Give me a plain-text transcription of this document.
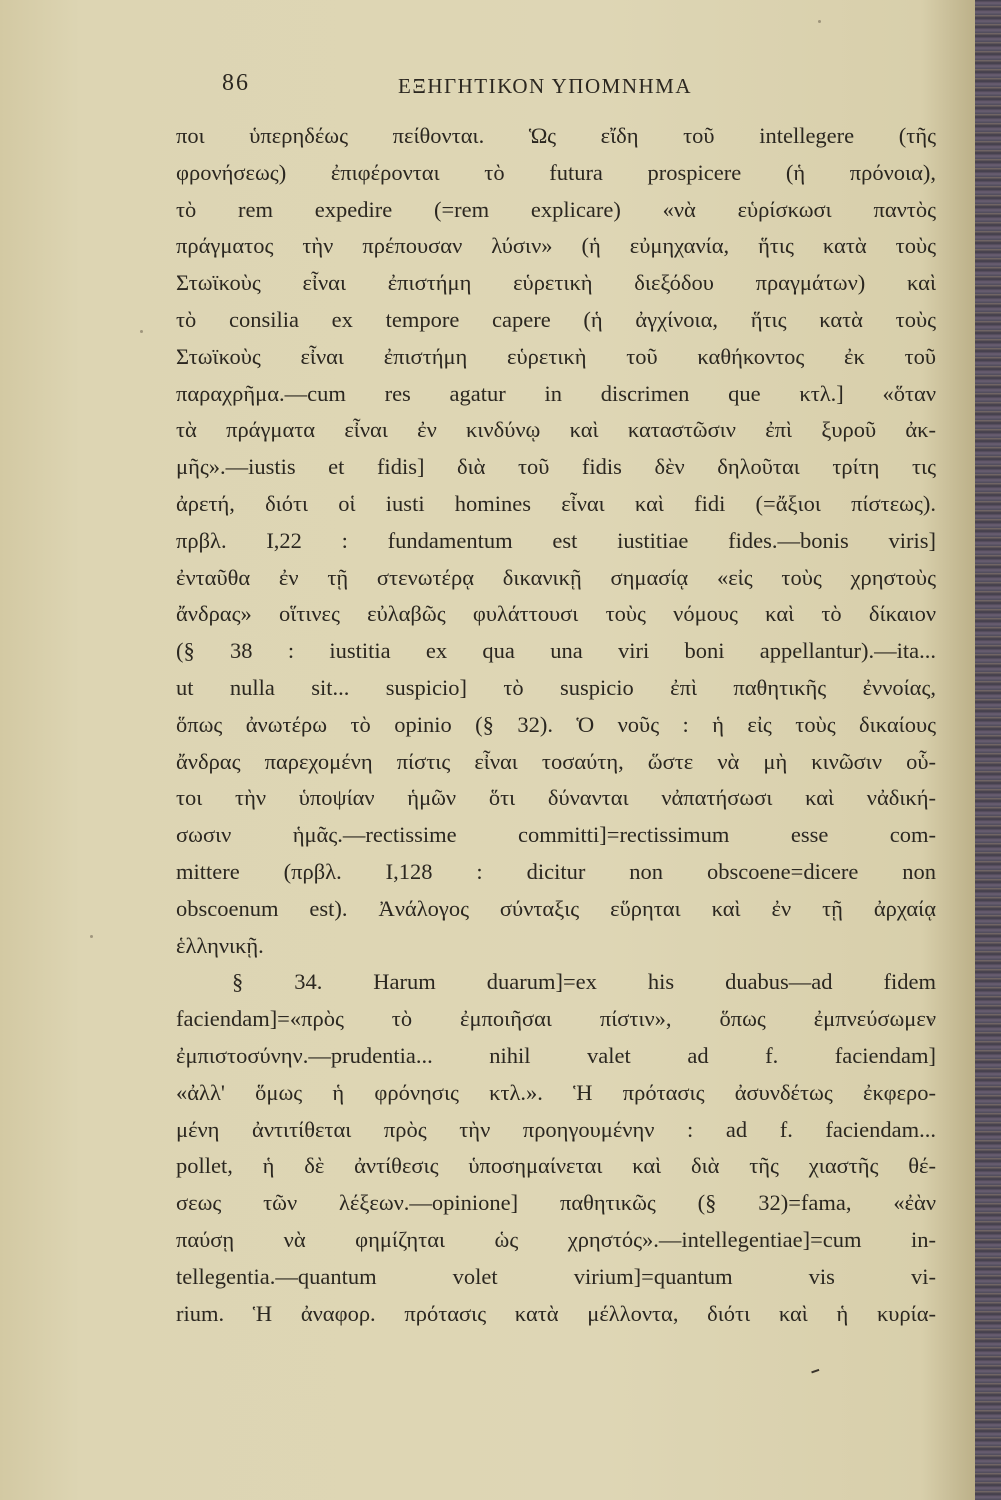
86	ΕΞΗΓΗΤΙΚΟΝ ΥΠΟΜΝΗΜΑ
ποι ὑπερηδέως πείθονται. Ὡς εἴδη τοῦ intellegere (τῆς
φρονήσεως) ἐπιφέρονται τὸ futura prospicere (ἡ πρόνοια),
τὸ rem expedire (=rem explicare) «νὰ εὑρίσκωσι παντὸς
πράγματος τὴν πρέπουσαν λύσιν» (ἡ εὐμηχανία, ἥτις κατὰ τοὺς
Στωϊκοὺς εἶναι ἐπιστήμη εὑρετικὴ διεξόδου πραγμάτων) καὶ
τὸ consilia ex tempore capere (ἡ ἀγχίνοια, ἥτις κατὰ τοὺς
Στωϊκοὺς εἶναι ἐπιστήμη εὑρετικὴ τοῦ καθήκοντος ἐκ τοῦ
παραχρῆμα.—cum res agatur in discrimen que κτλ.] «ὅταν
τὰ πράγματα εἶναι ἐν κινδύνῳ καὶ καταστῶσιν ἐπὶ ξυροῦ ἀκ-
μῆς».—iustis et fidis] διὰ τοῦ fidis δὲν δηλοῦται τρίτη τις
ἀρετή, διότι οἱ iusti homines εἶναι καὶ fidi (=ἄξιοι πίστεως).
πρβλ. I,22 : fundamentum est iustitiae fides.—bonis viris]
ἐνταῦθα ἐν τῇ στενωτέρᾳ δικανικῇ σημασίᾳ «εἰς τοὺς χρηστοὺς
ἄνδρας» οἵτινες εὐλαβῶς φυλάττουσι τοὺς νόμους καὶ τὸ δίκαιον
(§ 38 : iustitia ex qua una viri boni appellantur).—ita...
ut nulla sit... suspicio] τὸ suspicio ἐπὶ παθητικῆς ἐννοίας,
ὅπως ἀνωτέρω τὸ opinio (§ 32). Ὁ νοῦς : ἡ εἰς τοὺς δικαίους
ἄνδρας παρεχομένη πίστις εἶναι τοσαύτη, ὥστε νὰ μὴ κινῶσιν οὗ-
τοι τὴν ὑποψίαν ἡμῶν ὅτι δύνανται νἀπατήσωσι καὶ νἀδική-
σωσιν ἡμᾶς.—rectissime committi]=rectissimum esse com-
mittere (πρβλ. I,128 : dicitur non obscoene=dicere non
obscoenum est). Ἀνάλογος σύνταξις εὕρηται καὶ ἐν τῇ ἀρχαίᾳ
ἑλληνικῇ.
§ 34. Harum duarum]=ex his duabus—ad fidem
faciendam]=«πρὸς τὸ ἐμποιῆσαι πίστιν», ὅπως ἐμπνεύσωμεν
ἐμπιστοσύνην.—prudentia... nihil valet ad f. faciendam]
«ἀλλ' ὅμως ἡ φρόνησις κτλ.». Ἡ πρότασις ἀσυνδέτως ἐκφερο-
μένη ἀντιτίθεται πρὸς τὴν προηγουμένην : ad f. faciendam...
pollet, ἡ δὲ ἀντίθεσις ὑποσημαίνεται καὶ διὰ τῆς χιαστῆς θέ-
σεως τῶν λέξεων.—opinione] παθητικῶς (§ 32)=fama, «ἐὰν
παύσῃ νὰ φημίζηται ὡς χρηστός».—intellegentiae]=cum in-
tellegentia.—quantum volet virium]=quantum vis vi-
rium. Ἡ ἀναφορ. πρότασις κατὰ μέλλοντα, διότι καὶ ἡ κυρία-
